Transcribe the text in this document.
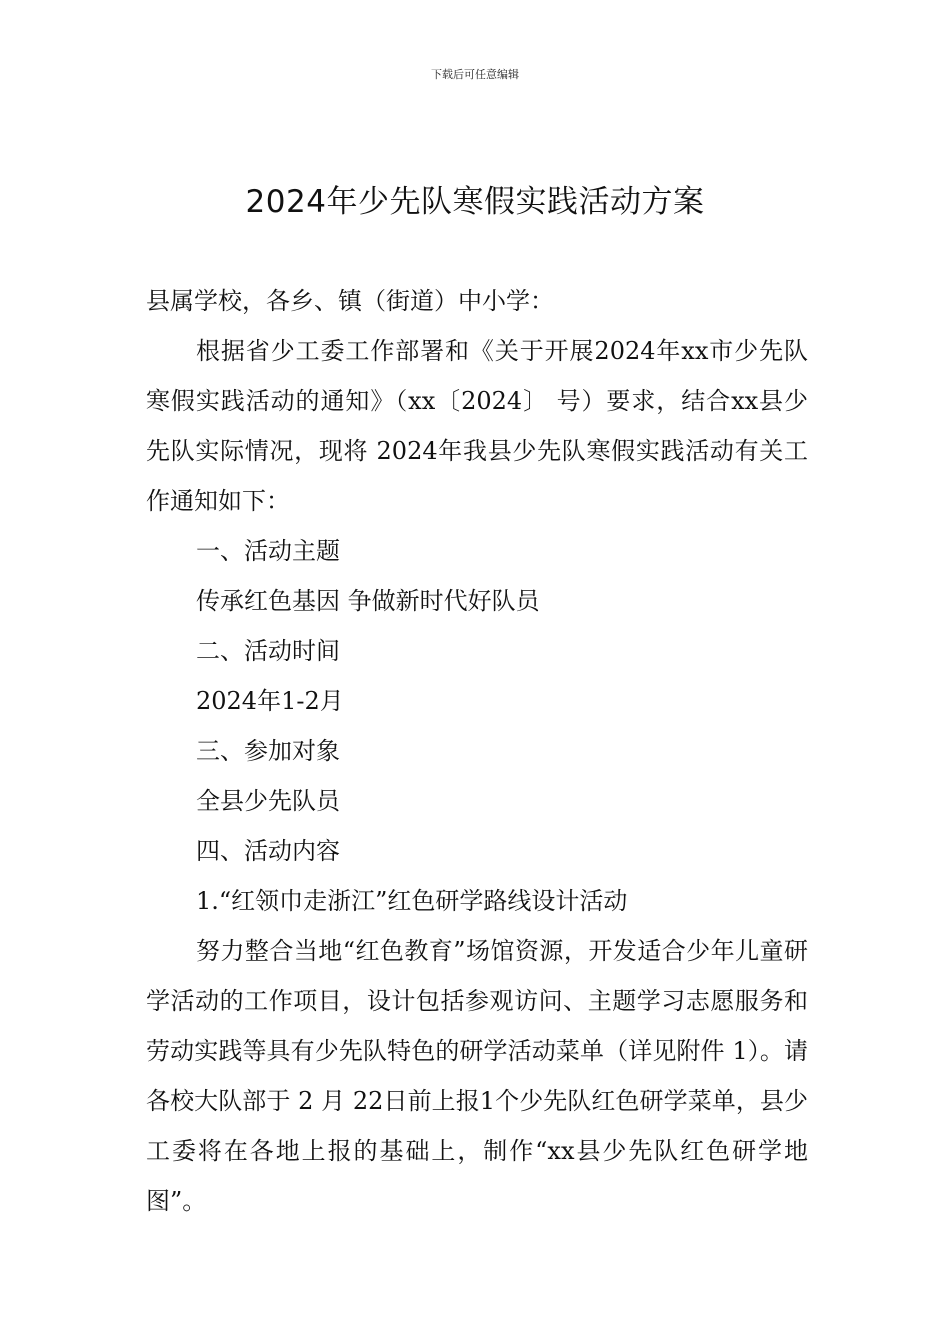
下载后可任意编辑
2024年少先队寒假实践活动方案

县属学校，各乡、镇（街道）中小学：

根据省少工委工作部署和《关于开展2024年xx市少先队寒假实践活动的通知》（xx〔2024〕 号）要求，结合xx县少先队实际情况，现将 2024年我县少先队寒假实践活动有关工作通知如下：

一、活动主题

传承红色基因 争做新时代好队员

二、活动时间

2024年1-2月

三、参加对象

全县少先队员

四、活动内容

1.“红领巾走浙江”红色研学路线设计活动

努力整合当地“红色教育”场馆资源，开发适合少年儿童研学活动的工作项目，设计包括参观访问、主题学习志愿服务和劳动实践等具有少先队特色的研学活动菜单（详见附件 1）。请各校大队部于 2 月 22日前上报1个少先队红色研学菜单，县少工委将在各地上报的基础上，制作“xx县少先队红色研学地图”。
